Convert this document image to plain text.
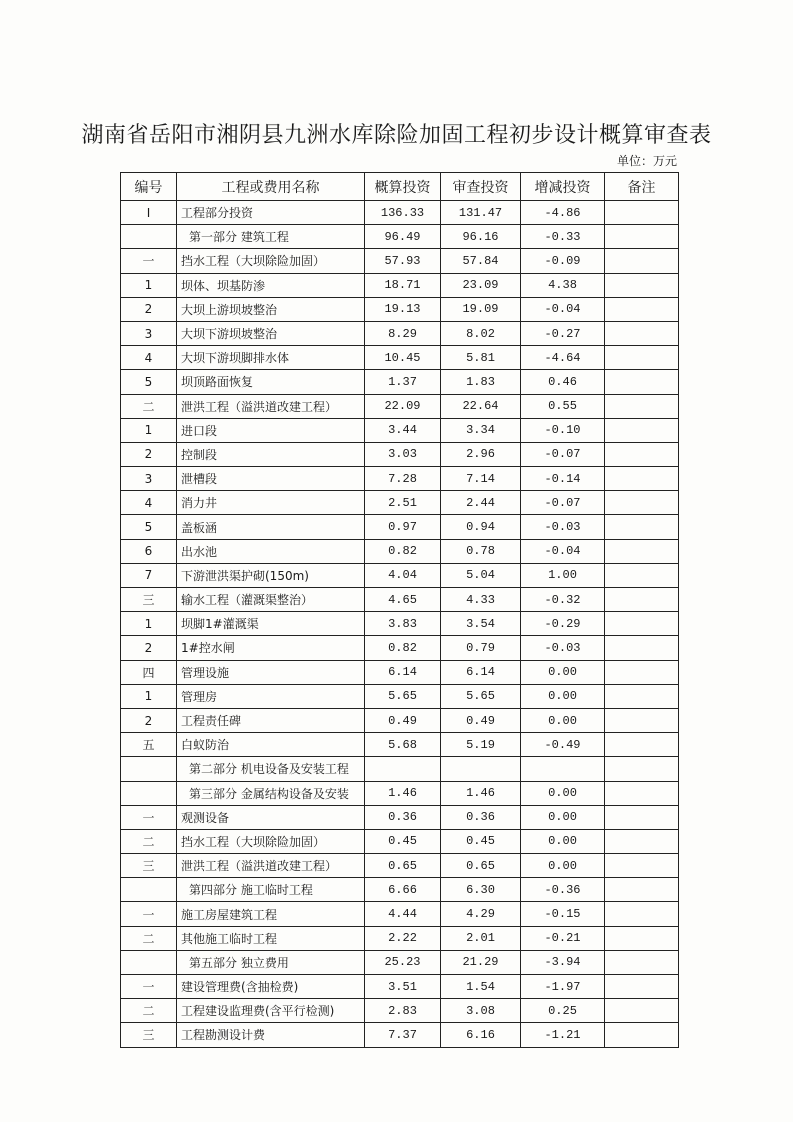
湖南省岳阳市湘阴县九洲水库除险加固工程初步设计概算审查表
单位：万元
编号	工程或费用名称	概算投资	审查投资	增减投资	备注
Ⅰ	工程部分投资	136.33	131.47	-4.86	
	第一部分 建筑工程	96.49	96.16	-0.33	
一	挡水工程（大坝除险加固）	57.93	57.84	-0.09	
1	坝体、坝基防渗	18.71	23.09	4.38	
2	大坝上游坝坡整治	19.13	19.09	-0.04	
3	大坝下游坝坡整治	8.29	8.02	-0.27	
4	大坝下游坝脚排水体	10.45	5.81	-4.64	
5	坝顶路面恢复	1.37	1.83	0.46	
二	泄洪工程（溢洪道改建工程）	22.09	22.64	0.55	
1	进口段	3.44	3.34	-0.10	
2	控制段	3.03	2.96	-0.07	
3	泄槽段	7.28	7.14	-0.14	
4	消力井	2.51	2.44	-0.07	
5	盖板涵	0.97	0.94	-0.03	
6	出水池	0.82	0.78	-0.04	
7	下游泄洪渠护砌(150m)	4.04	5.04	1.00	
三	输水工程（灌溉渠整治）	4.65	4.33	-0.32	
1	坝脚1#灌溉渠	3.83	3.54	-0.29	
2	1#控水闸	0.82	0.79	-0.03	
四	管理设施	6.14	6.14	0.00	
1	管理房	5.65	5.65	0.00	
2	工程责任碑	0.49	0.49	0.00	
五	白蚁防治	5.68	5.19	-0.49	
	第二部分 机电设备及安装工程				
	第三部分 金属结构设备及安装	1.46	1.46	0.00	
一	观测设备	0.36	0.36	0.00	
二	挡水工程（大坝除险加固）	0.45	0.45	0.00	
三	泄洪工程（溢洪道改建工程）	0.65	0.65	0.00	
	第四部分 施工临时工程	6.66	6.30	-0.36	
一	施工房屋建筑工程	4.44	4.29	-0.15	
二	其他施工临时工程	2.22	2.01	-0.21	
	第五部分 独立费用	25.23	21.29	-3.94	
一	建设管理费(含抽检费)	3.51	1.54	-1.97	
二	工程建设监理费(含平行检测)	2.83	3.08	0.25	
三	工程勘测设计费	7.37	6.16	-1.21	
